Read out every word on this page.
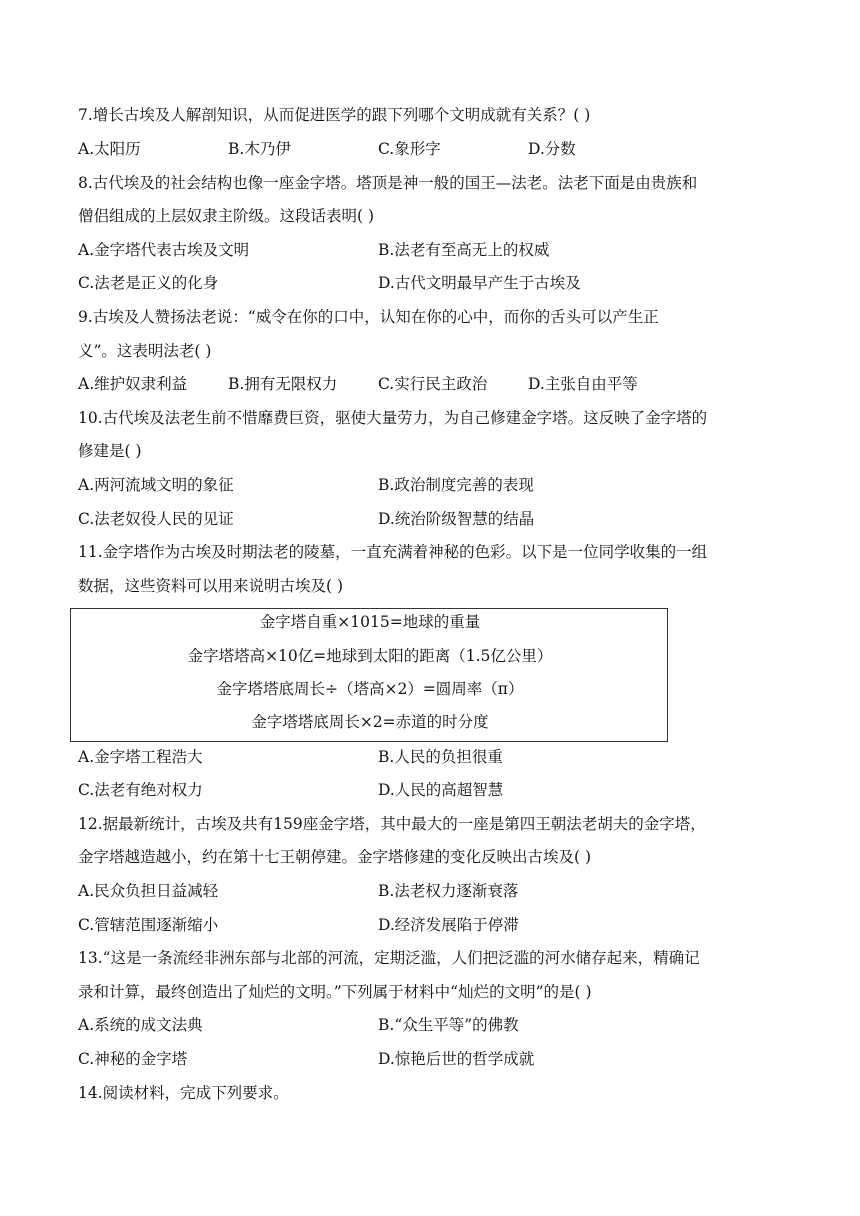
7.增长古埃及人解剖知识，从而促进医学的跟下列哪个文明成就有关系？( )
A.太阳历	B.木乃伊	C.象形字	D.分数
8.古代埃及的社会结构也像一座金字塔。塔顶是神一般的国王—法老。法老下面是由贵族和
僧侣组成的上层奴隶主阶级。这段话表明( )
A.金字塔代表古埃及文明	B.法老有至高无上的权威
C.法老是正义的化身	D.古代文明最早产生于古埃及
9.古埃及人赞扬法老说：“威令在你的口中，认知在你的心中，而你的舌头可以产生正
义”。这表明法老( )
A.维护奴隶利益	B.拥有无限权力	C.实行民主政治	D.主张自由平等
10.古代埃及法老生前不惜靡费巨资，驱使大量劳力，为自己修建金字塔。这反映了金字塔的
修建是( )
A.两河流域文明的象征	B.政治制度完善的表现
C.法老奴役人民的见证	D.统治阶级智慧的结晶
11.金字塔作为古埃及时期法老的陵墓，一直充满着神秘的色彩。以下是一位同学收集的一组
数据，这些资料可以用来说明古埃及( )
金字塔自重×1015=地球的重量
金字塔塔高×10亿=地球到太阳的距离（1.5亿公里）
金字塔塔底周长÷（塔高×2）=圆周率（π）
金字塔塔底周长×2=赤道的时分度
A.金字塔工程浩大	B.人民的负担很重
C.法老有绝对权力	D.人民的高超智慧
12.据最新统计，古埃及共有159座金字塔，其中最大的一座是第四王朝法老胡夫的金字塔，
金字塔越造越小，约在第十七王朝停建。金字塔修建的变化反映出古埃及( )
A.民众负担日益减轻	B.法老权力逐渐衰落
C.管辖范围逐渐缩小	D.经济发展陷于停滞
13.“这是一条流经非洲东部与北部的河流，定期泛滥，人们把泛滥的河水储存起来，精确记
录和计算，最终创造出了灿烂的文明。”下列属于材料中“灿烂的文明”的是( )
A.系统的成文法典	B.“众生平等”的佛教
C.神秘的金字塔	D.惊艳后世的哲学成就
14.阅读材料，完成下列要求。
